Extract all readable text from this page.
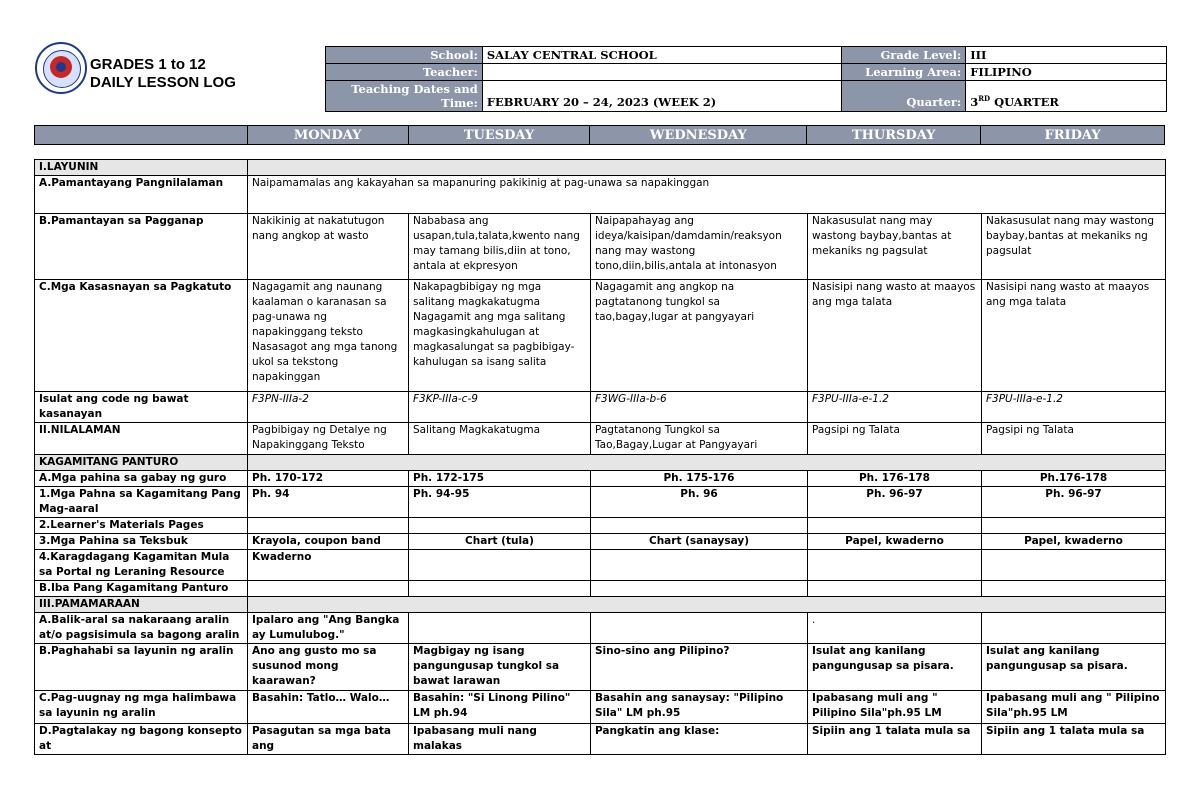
GRADES 1 to 12
DAILY LESSON LOG
School:	SALAY CENTRAL SCHOOL	Grade Level:	III
Teacher:		Learning Area:	FILIPINO
Teaching Dates and
Time:	FEBRUARY 20 – 24, 2023 (WEEK 2)	Quarter:	3RD QUARTER
	MONDAY	TUESDAY	WEDNESDAY	THURSDAY	FRIDAY
I.LAYUNIN					
A.Pamantayang Pangnilalaman	Naipamamalas ang kakayahan sa mapanuring pakikinig at pag-unawa sa napakinggan				
B.Pamantayan sa Pagganap	Nakikinig at nakatutugon nang angkop at wasto	Nababasa ang usapan,tula,talata,kwento nang may tamang bilis,diin at tono, antala at ekpresyon	Naipapahayag ang ideya/kaisipan/damdamin/reaksyon nang may wastong tono,diin,bilis,antala at intonasyon	Nakasusulat nang may wastong baybay,bantas at mekaniks ng pagsulat	Nakasusulat nang may wastong baybay,bantas at mekaniks ng pagsulat
C.Mga Kasasnayan sa Pagkatuto	Nagagamit ang naunang kaalaman o karanasan sa pag-unawa ng napakinggang teksto Nasasagot ang mga tanong ukol sa tekstong napakinggan	Nakapagbibigay ng mga salitang magkakatugma Nagagamit ang mga salitang magkasingkahulugan at magkasalungat sa pagbibigay-kahulugan sa isang salita	Nagagamit ang angkop na pagtatanong tungkol sa tao,bagay,lugar at pangyayari	Nasisipi nang wasto at maayos ang mga talata	Nasisipi nang wasto at maayos ang mga talata
Isulat ang code ng bawat kasanayan	F3PN-IIIa-2	F3KP-IIIa-c-9	F3WG-IIIa-b-6	F3PU-IIIa-e-1.2	F3PU-IIIa-e-1.2
II.NILALAMAN	Pagbibigay ng Detalye ng Napakinggang Teksto	Salitang Magkakatugma	Pagtatanong Tungkol sa Tao,Bagay,Lugar at Pangyayari	Pagsipi ng Talata	Pagsipi ng Talata
KAGAMITANG PANTURO					
A.Mga pahina sa gabay ng guro	Ph. 170-172	Ph. 172-175	Ph. 175-176	Ph. 176-178	Ph.176-178
1.Mga Pahna sa Kagamitang Pang Mag-aaral	Ph. 94	Ph. 94-95	Ph. 96	Ph. 96-97	Ph. 96-97
2.Learner's Materials Pages					
3.Mga Pahina sa Teksbuk	Krayola, coupon band	Chart (tula)	Chart (sanaysay)	Papel, kwaderno	Papel, kwaderno
4.Karagdagang Kagamitan Mula sa Portal ng Leraning Resource	Kwaderno				
B.Iba Pang Kagamitang Panturo					
III.PAMAMARAAN					
A.Balik-aral sa nakaraang aralin at/o pagsisimula sa bagong aralin	Ipalaro ang "Ang Bangka ay Lumulubog."			.	
B.Paghahabi sa layunin ng aralin	Ano ang gusto mo sa susunod mong kaarawan?	Magbigay ng isang pangungusap tungkol sa bawat larawan	Sino-sino ang Pilipino?	Isulat ang kanilang pangungusap sa pisara.	Isulat ang kanilang pangungusap sa pisara.
C.Pag-uugnay ng mga halimbawa sa layunin ng aralin	Basahin: Tatlo… Walo…	Basahin: "Si Linong Pilino" LM ph.94	Basahin ang sanaysay: "Pilipino Sila" LM ph.95	Ipabasang muli ang " Pilipino Sila"ph.95 LM	Ipabasang muli ang " Pilipino Sila"ph.95 LM
D.Pagtalakay ng bagong konsepto at	Pasagutan sa mga bata ang	Ipabasang muli nang malakas	Pangkatin ang klase:	Sipiin ang 1 talata mula sa	Sipiin ang 1 talata mula sa
